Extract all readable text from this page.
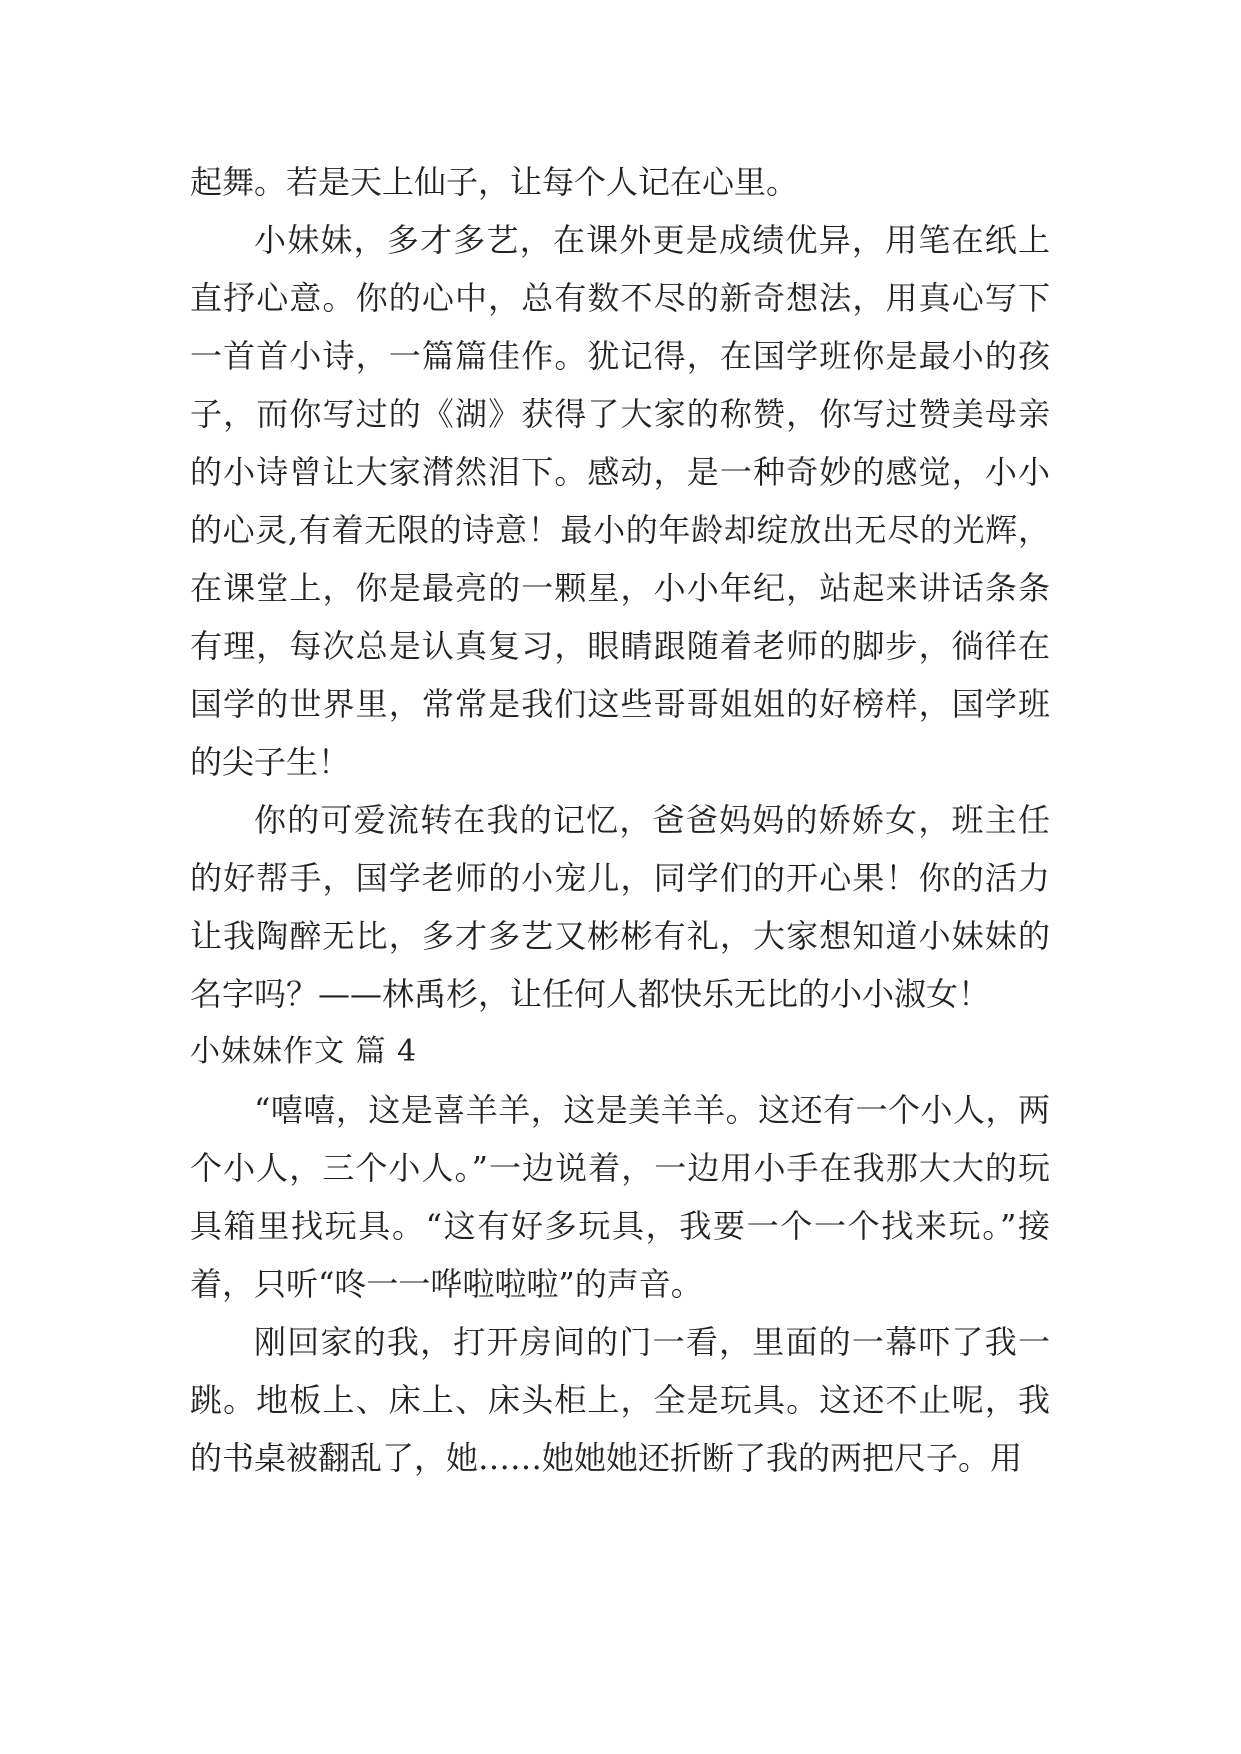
起舞。若是天上仙子，让每个人记在心里。

小妹妹，多才多艺，在课外更是成绩优异，用笔在纸上直抒心意。你的心中，总有数不尽的新奇想法，用真心写下一首首小诗，一篇篇佳作。犹记得，在国学班你是最小的孩子，而你写过的《湖》获得了大家的称赞，你写过赞美母亲的小诗曾让大家潸然泪下。感动，是一种奇妙的感觉，小小的心灵,有着无限的诗意！最小的年龄却绽放出无尽的光辉，在课堂上，你是最亮的一颗星，小小年纪，站起来讲话条条有理，每次总是认真复习，眼睛跟随着老师的脚步，徜徉在国学的世界里，常常是我们这些哥哥姐姐的好榜样，国学班的尖子生！

你的可爱流转在我的记忆，爸爸妈妈的娇娇女，班主任的好帮手，国学老师的小宠儿，同学们的开心果！你的活力让我陶醉无比，多才多艺又彬彬有礼，大家想知道小妹妹的名字吗？——林禹杉，让任何人都快乐无比的小小淑女！

小妹妹作文 篇 4

“嘻嘻，这是喜羊羊，这是美羊羊。这还有一个小人，两个小人，三个小人。”一边说着，一边用小手在我那大大的玩具箱里找玩具。“这有好多玩具，我要一个一个找来玩。”接着，只听“咚一一哗啦啦啦”的声音。

刚回家的我，打开房间的门一看，里面的一幕吓了我一跳。地板上、床上、床头柜上，全是玩具。这还不止呢，我的书桌被翻乱了，她……她她她还折断了我的两把尺子。用
